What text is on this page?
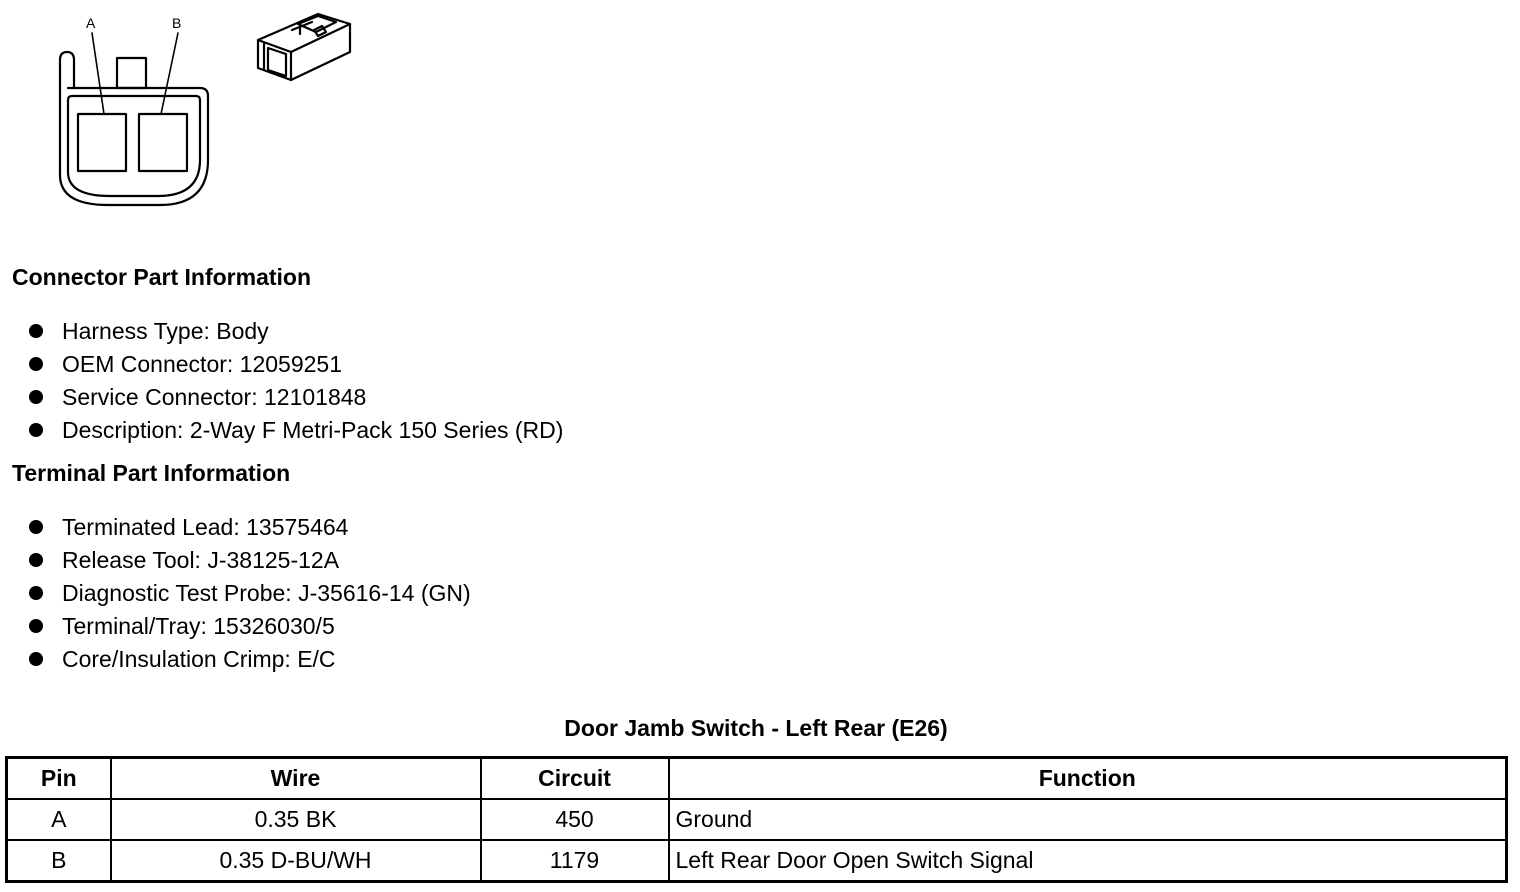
A	B
Connector Part Information
Harness Type: Body
OEM Connector: 12059251
Service Connector: 12101848
Description: 2-Way F Metri-Pack 150 Series (RD)
Terminal Part Information
Terminated Lead: 13575464
Release Tool: J-38125-12A
Diagnostic Test Probe: J-35616-14 (GN)
Terminal/Tray: 15326030/5
Core/Insulation Crimp: E/C
Door Jamb Switch - Left Rear (E26)
Pin	Wire	Circuit	Function
A	0.35 BK	450	Ground
B	0.35 D-BU/WH	1179	Left Rear Door Open Switch Signal
